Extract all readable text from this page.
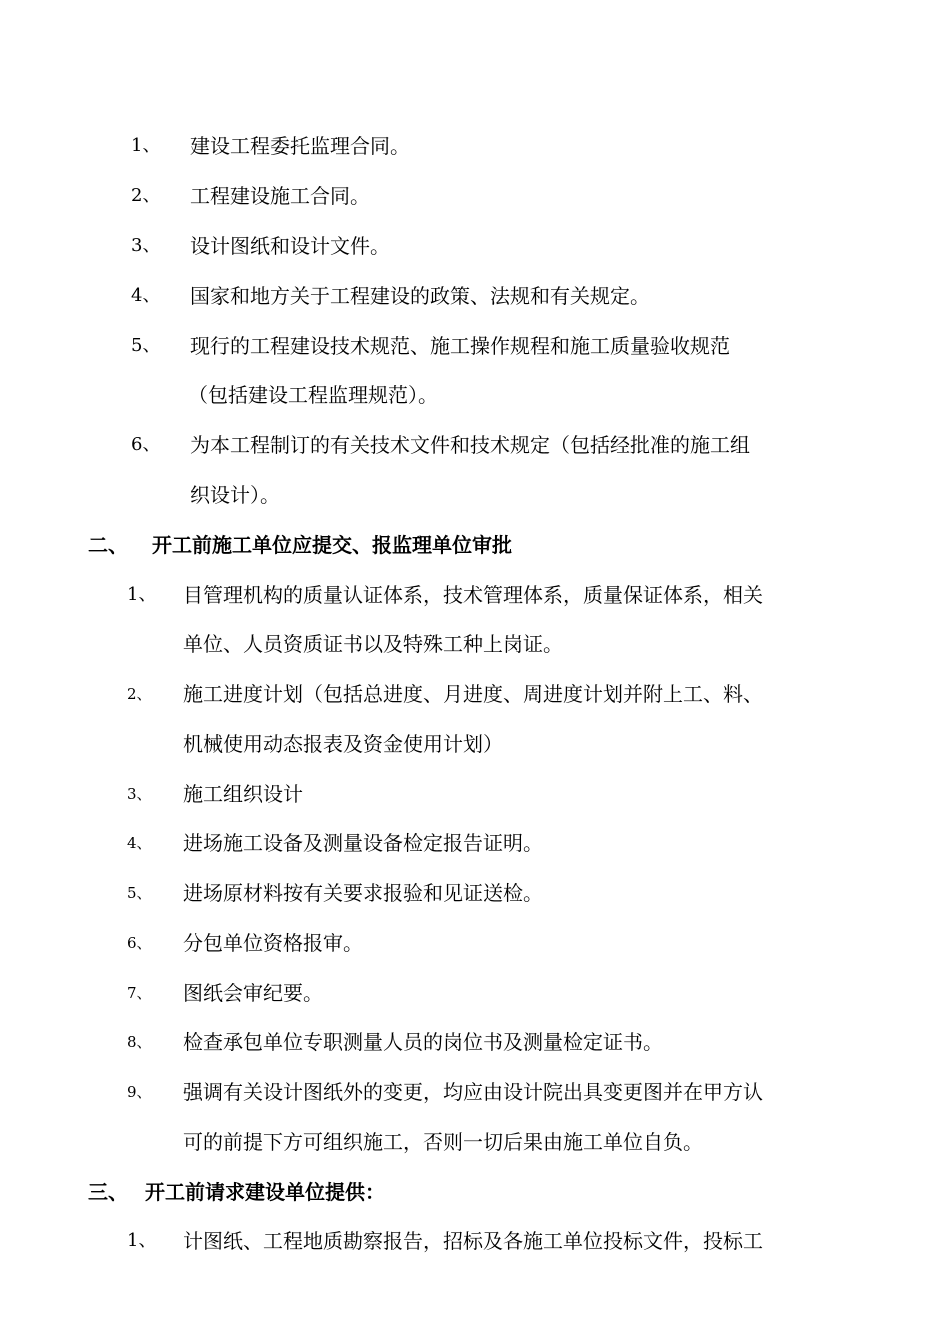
1、 建设工程委托监理合同。
2、 工程建设施工合同。
3、 设计图纸和设计文件。
4、 国家和地方关于工程建设的政策、法规和有关规定。
5、 现行的工程建设技术规范、施工操作规程和施工质量验收规范
（包括建设工程监理规范）。
6、 为本工程制订的有关技术文件和技术规定（包括经批准的施工组
织设计）。
二、 开工前施工单位应提交、报监理单位审批
1、 目管理机构的质量认证体系，技术管理体系，质量保证体系，相关
单位、人员资质证书以及特殊工种上岗证。
2、 施工进度计划（包括总进度、月进度、周进度计划并附上工、料、
机械使用动态报表及资金使用计划）
3、 施工组织设计
4、 进场施工设备及测量设备检定报告证明。
5、 进场原材料按有关要求报验和见证送检。
6、 分包单位资格报审。
7、 图纸会审纪要。
8、 检查承包单位专职测量人员的岗位书及测量检定证书。
9、 强调有关设计图纸外的变更，均应由设计院出具变更图并在甲方认
可的前提下方可组织施工，否则一切后果由施工单位自负。
三、 开工前请求建设单位提供：
1、 计图纸、工程地质勘察报告，招标及各施工单位投标文件，投标工
